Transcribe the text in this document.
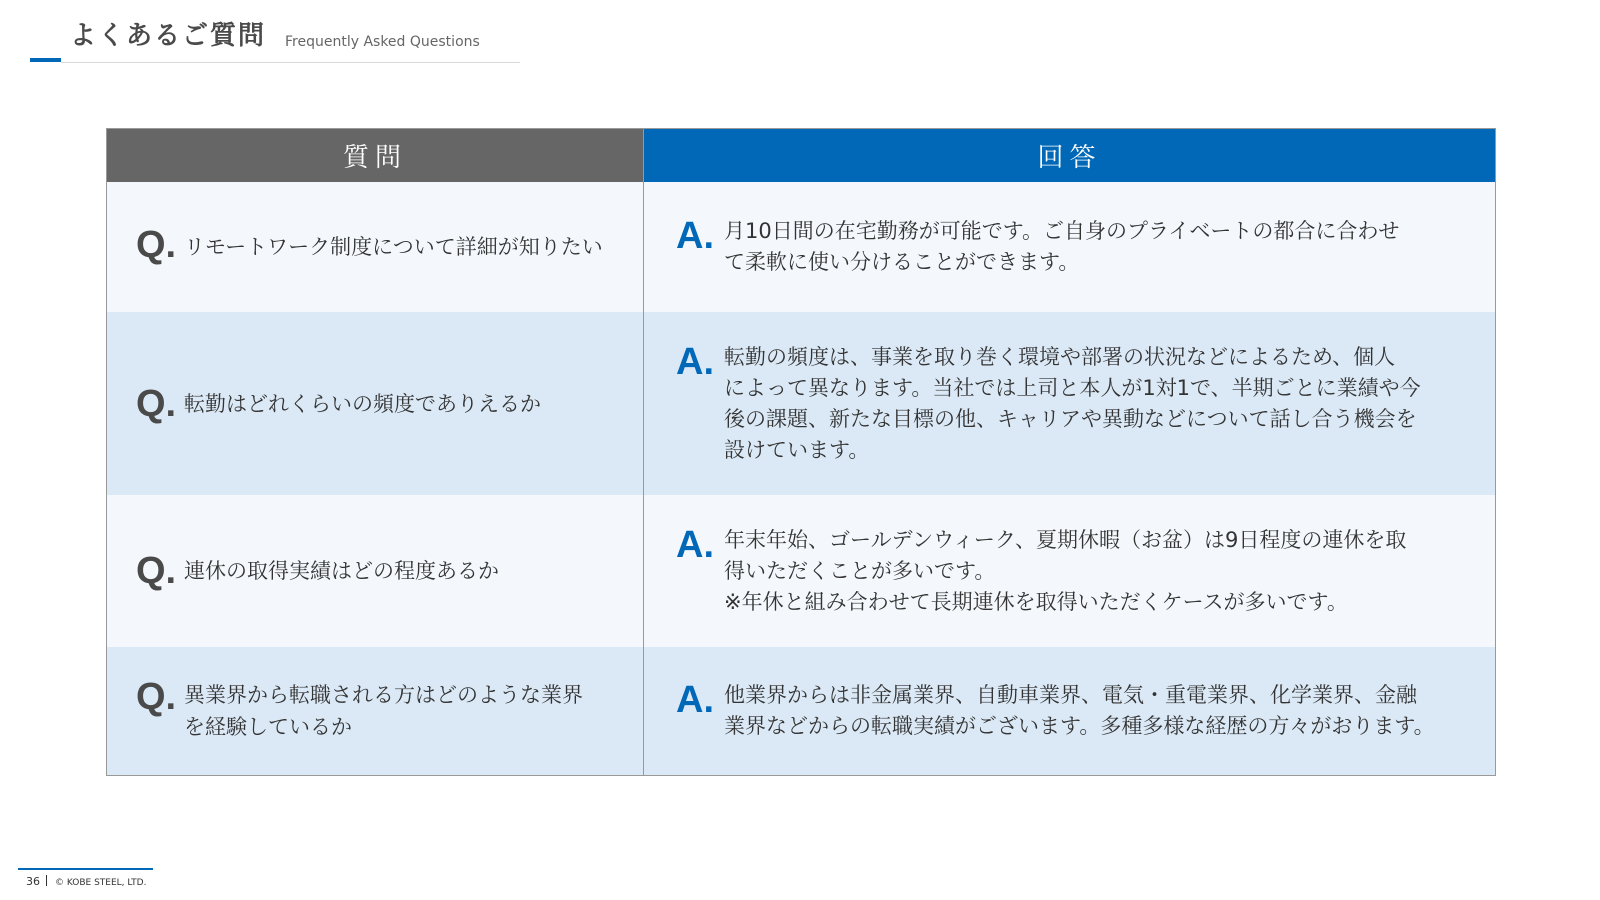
よくあるご質問 Frequently Asked Questions
質問	回答
Q. リモートワーク制度について詳細が知りたい A. 月10日間の在宅勤務が可能です。ご自身のプライベートの都合に合わせ
て柔軟に使い分けることができます。
Q. 転勤はどれくらいの頻度でありえるか
A. 転勤の頻度は、事業を取り巻く環境や部署の状況などによるため、個人
によって異なります。当社では上司と本人が1対1で、半期ごとに業績や今
後の課題、新たな目標の他、キャリアや異動などについて話し合う機会を
設けています。
Q. 連休の取得実績はどの程度あるか
A. 年末年始、ゴールデンウィーク、夏期休暇（お盆）は9日程度の連休を取
得いただくことが多いです。
※年休と組み合わせて長期連休を取得いただくケースが多いです。
Q. 異業界から転職される方はどのような業界
を経験しているか
A. 他業界からは非金属業界、自動車業界、電気・重電業界、化学業界、金融
業界などからの転職実績がございます。多種多様な経歴の方々がおります。
36 © KOBE STEEL, LTD.
